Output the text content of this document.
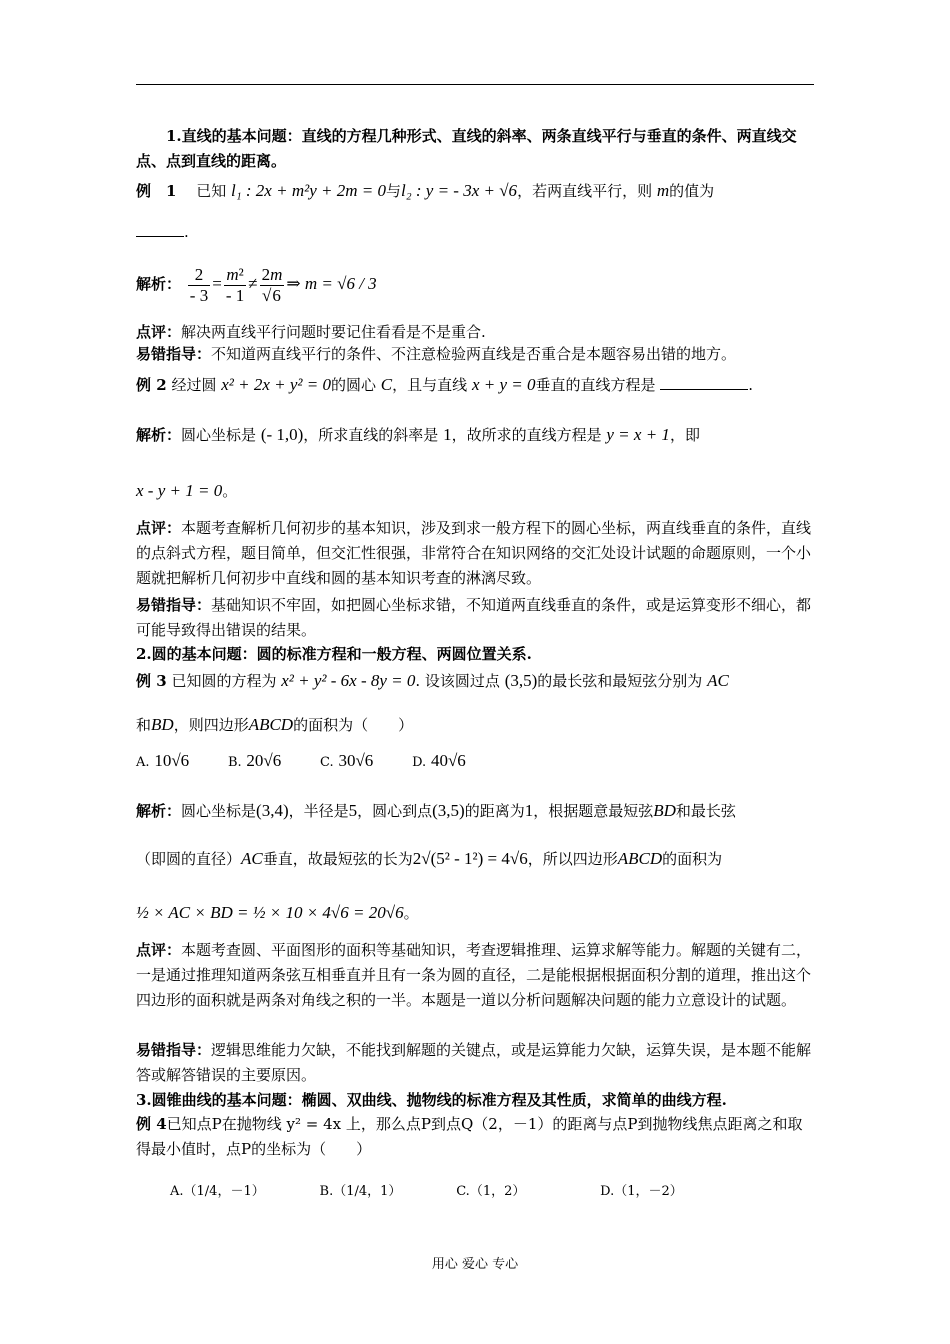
1.直线的基本问题：直线的方程几种形式、直线的斜率、两条直线平行与垂直的条件、两直线交点、点到直线的距离。
例　1　 已知 l₁ : 2x + m²y + 2m = 0与l₂ : y = - 3x + √6，若两直线平行，则 m的值为
.
解析： $\frac{2}{- 3} = \frac{\text{m²}}{- 1} \ne \frac{2m}{√6}$ ⇒ m = √6 / 3
点评：解决两直线平行问题时要记住看看是不是重合.
易错指导：不知道两直线平行的条件、不注意检验两直线是否重合是本题容易出错的地方。
例 2 经过圆 x² + 2x + y² = 0的圆心 C，且与直线 x + y = 0垂直的直线方程是	.
解析：圆心坐标是 (- 1,0)，所求直线的斜率是 1，故所求的直线方程是 y = x + 1，即
x - y + 1 = 0。
点评：本题考查解析几何初步的基本知识，涉及到求一般方程下的圆心坐标，两直线垂直的条件，直线的点斜式方程，题目简单，但交汇性很强，非常符合在知识网络的交汇处设计试题的命题原则，一个小题就把解析几何初步中直线和圆的基本知识考查的淋漓尽致。
易错指导：基础知识不牢固，如把圆心坐标求错，不知道两直线垂直的条件，或是运算变形不细心，都可能导致得出错误的结果。
2.圆的基本问题：圆的标准方程和一般方程、两圆位置关系.
例 3 已知圆的方程为 x² + y² - 6x - 8y = 0. 设该圆过点 (3,5)的最长弦和最短弦分别为 AC
和BD，则四边形ABCD的面积为（　　）
A. 10√6	B. 20√6	C. 30√6	D. 40√6
解析：圆心坐标是(3,4)，半径是5，圆心到点(3,5)的距离为1，根据题意最短弦BD和最长弦
（即圆的直径）AC垂直，故最短弦的长为2√(5² - 1²) = 4√6，所以四边形ABCD的面积为
½ × AC × BD = ½ × 10 × 4√6 = 20√6。
点评：本题考查圆、平面图形的面积等基础知识，考查逻辑推理、运算求解等能力。解题的关键有二，一是通过推理知道两条弦互相垂直并且有一条为圆的直径，二是能根据根据面积分割的道理，推出这个四边形的面积就是两条对角线之积的一半。本题是一道以分析问题解决问题的能力立意设计的试题。
易错指导：逻辑思维能力欠缺，不能找到解题的关键点，或是运算能力欠缺，运算失误，是本题不能解答或解答错误的主要原因。
3.圆锥曲线的基本问题：椭圆、双曲线、抛物线的标准方程及其性质，求简单的曲线方程.
例 4已知点P在抛物线 y² = 4x 上，那么点P到点Q（2，－1）的距离与点P到抛物线焦点距离之和取得最小值时，点P的坐标为（　　）
A.（1/4，－1）	B.（1/4，1）	C.（1，2）	D.（1，－2）
用心 爱心 专心
